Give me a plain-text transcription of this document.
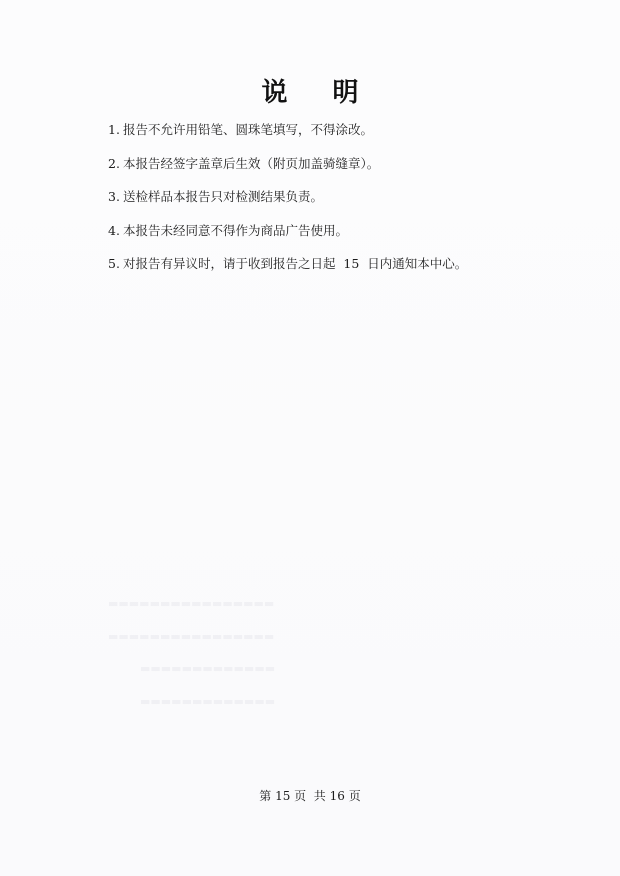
▬▬▬▬▬▬▬▬▬▬▬▬▬▬▬▬
▬▬▬▬▬▬▬▬▬▬▬▬▬▬▬▬
▬▬▬▬▬▬▬▬▬▬▬▬▬
▬▬▬▬▬▬▬▬▬▬▬▬▬
说 明
1. 报告不允许用铅笔、圆珠笔填写，不得涂改。
2. 本报告经签字盖章后生效（附页加盖骑缝章）。
3. 送检样品本报告只对检测结果负责。
4. 本报告未经同意不得作为商品广告使用。
5. 对报告有异议时，请于收到报告之日起  15  日内通知本中心。
第 15 页  共 16 页
